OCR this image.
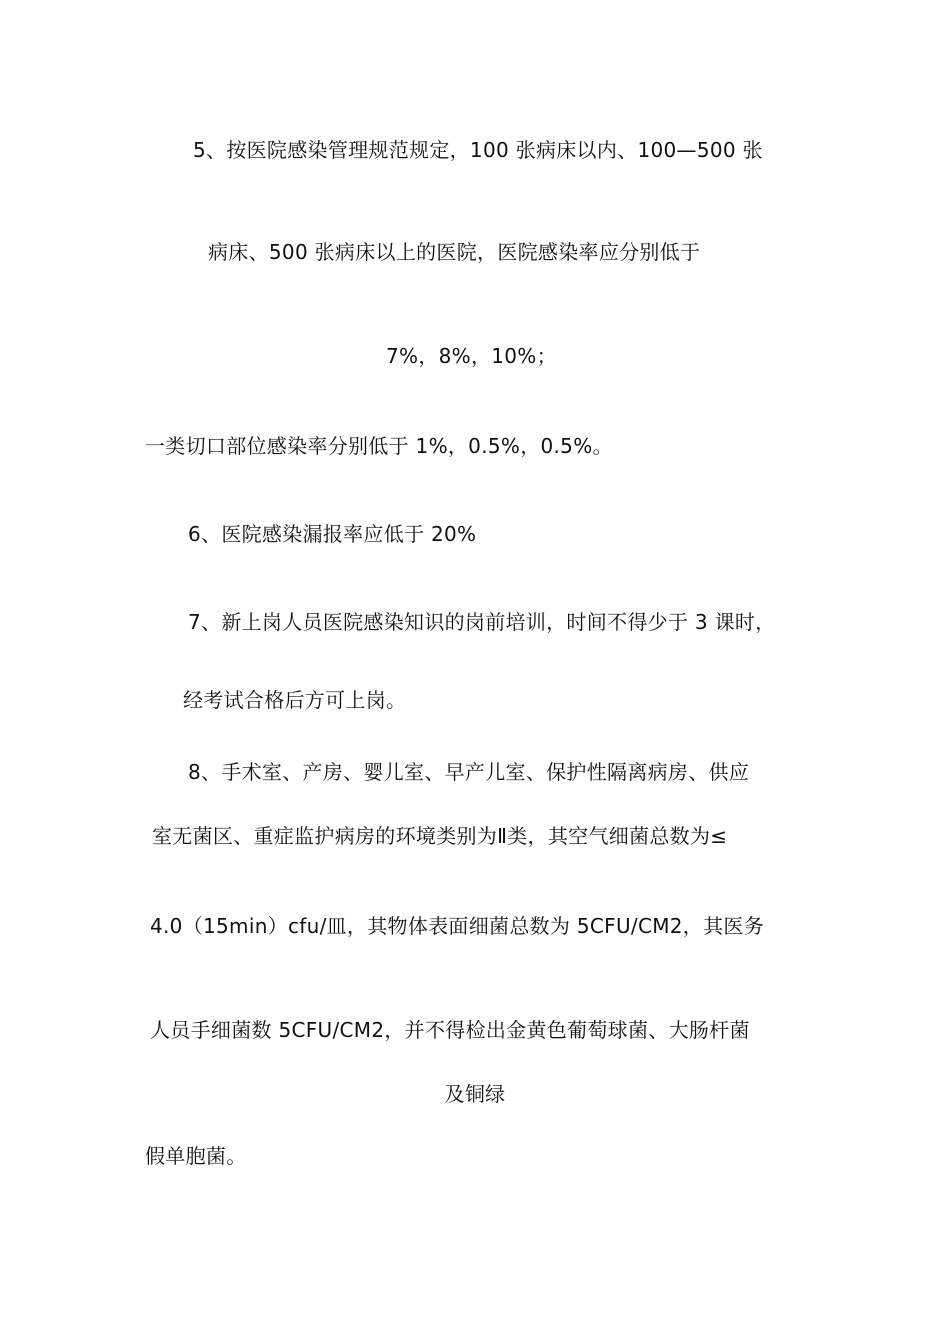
5、按医院感染管理规范规定，100 张病床以内、100—500 张
病床、500 张病床以上的医院，医院感染率应分别低于
7%，8%，10%；
一类切口部位感染率分别低于 1%，0.5%，0.5%。
6、医院感染漏报率应低于 20%
7、新上岗人员医院感染知识的岗前培训，时间不得少于 3 课时，
经考试合格后方可上岗。
8、手术室、产房、婴儿室、早产儿室、保护性隔离病房、供应
室无菌区、重症监护病房的环境类别为Ⅱ类，其空气细菌总数为≤
4.0（15min）cfu/皿，其物体表面细菌总数为 5CFU/CM2，其医务
人员手细菌数 5CFU/CM2，并不得检出金黄色葡萄球菌、大肠杆菌
及铜绿
假单胞菌。
